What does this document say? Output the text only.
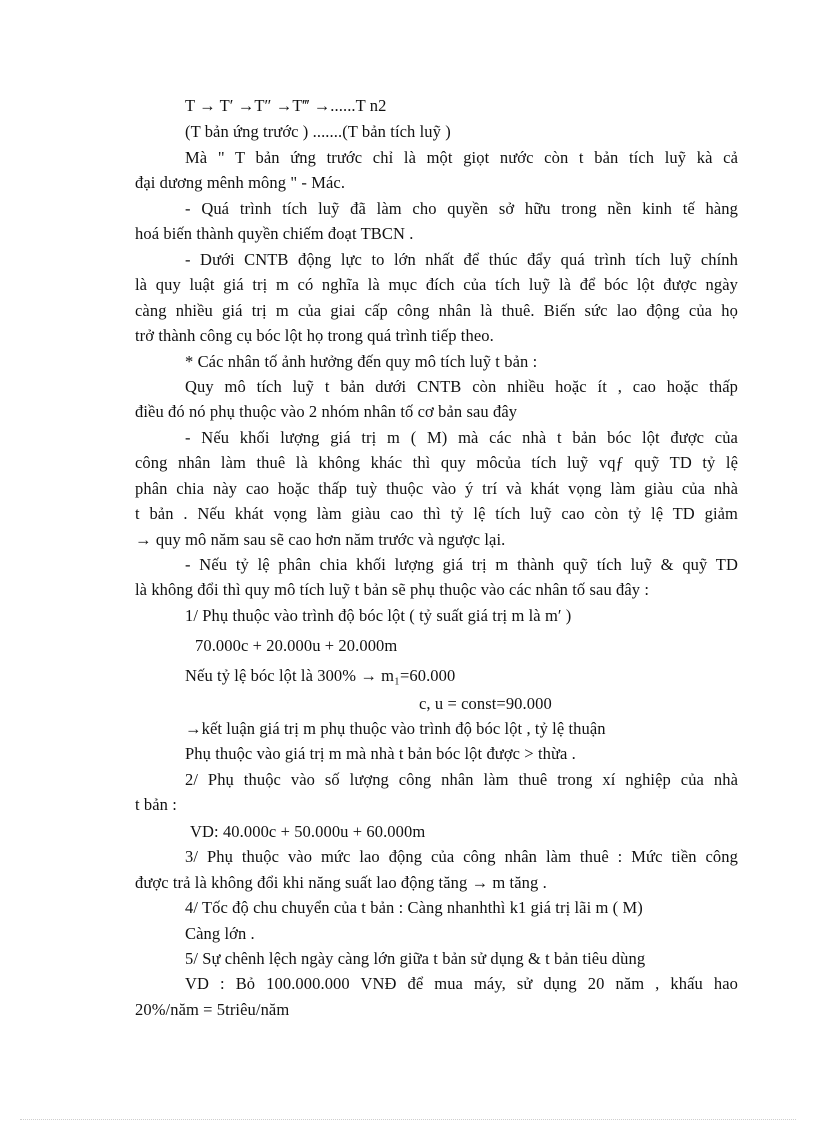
T → T′ →T″ →T‴ →......T n2
(T bản ứng trước ) .......(T bản tích luỹ )
Mà " T bản ứng trước chỉ là một giọt nước còn t bản tích luỹ kà cả
đại dương mênh mông " - Mác.
- Quá trình tích luỹ đã làm cho quyền sở hữu trong nền kinh tế hàng
hoá biến thành quyền chiếm đoạt TBCN .
- Dưới CNTB động lực to lớn nhất để thúc đẩy quá trình tích luỹ chính
là quy luật giá trị m có nghĩa là mục đích của tích luỹ là để bóc lột được ngày
càng nhiều giá trị m của giai cấp công nhân là thuê. Biến sức lao động của họ
trở thành công cụ bóc lột họ trong quá trình tiếp theo.
* Các nhân tố ảnh hưởng đến quy mô tích luỹ t bản :
Quy mô tích luỹ t bản dưới CNTB còn nhiều hoặc ít , cao hoặc thấp
điều đó nó phụ thuộc vào 2 nhóm nhân tố cơ bản sau đây
- Nếu khối lượng giá trị m ( M) mà các nhà t bản bóc lột được của
công nhân làm thuê là không khác thì quy môcủa tích luỹ vqƒ quỹ TD tỷ lệ
phân chia này cao hoặc thấp tuỳ thuộc vào ý trí và khát vọng làm giàu của nhà
t bản . Nếu khát vọng làm giàu cao thì tỷ lệ tích luỹ cao còn tỷ lệ TD giảm
→ quy mô năm sau sẽ cao hơn năm trước và ngược lại.
- Nếu tỷ lệ phân chia khối lượng giá trị m thành quỹ tích luỹ & quỹ TD
là không đổi thì quy mô tích luỹ t bản sẽ phụ thuộc vào các nhân tố sau đây :
1/ Phụ thuộc vào trình độ bóc lột ( tỷ suất giá trị m là m′ )
70.000c + 20.000u + 20.000m
Nếu tỷ lệ bóc lột là 300% → m₁=60.000
c, u = const=90.000
→kết luận giá trị m phụ thuộc vào trình độ bóc lột , tỷ lệ thuận
Phụ thuộc vào giá trị m mà nhà t bản bóc lột được > thừa .
2/ Phụ thuộc vào số lượng công nhân làm thuê trong xí nghiệp của nhà
t bản :
VD: 40.000c + 50.000u + 60.000m
3/ Phụ thuộc vào mức lao động của công nhân làm thuê : Mức tiền công
được trả là không đổi khi năng suất lao động tăng → m tăng .
4/ Tốc độ chu chuyển của t bản : Càng nhanhthì k1 giá trị lãi m ( M)
Càng lớn .
5/ Sự chênh lệch ngày càng lớn giữa t bản sử dụng & t bản tiêu dùng
VD : Bỏ 100.000.000 VNĐ để mua máy, sử dụng 20 năm , khấu hao
20%/năm = 5triêu/năm
